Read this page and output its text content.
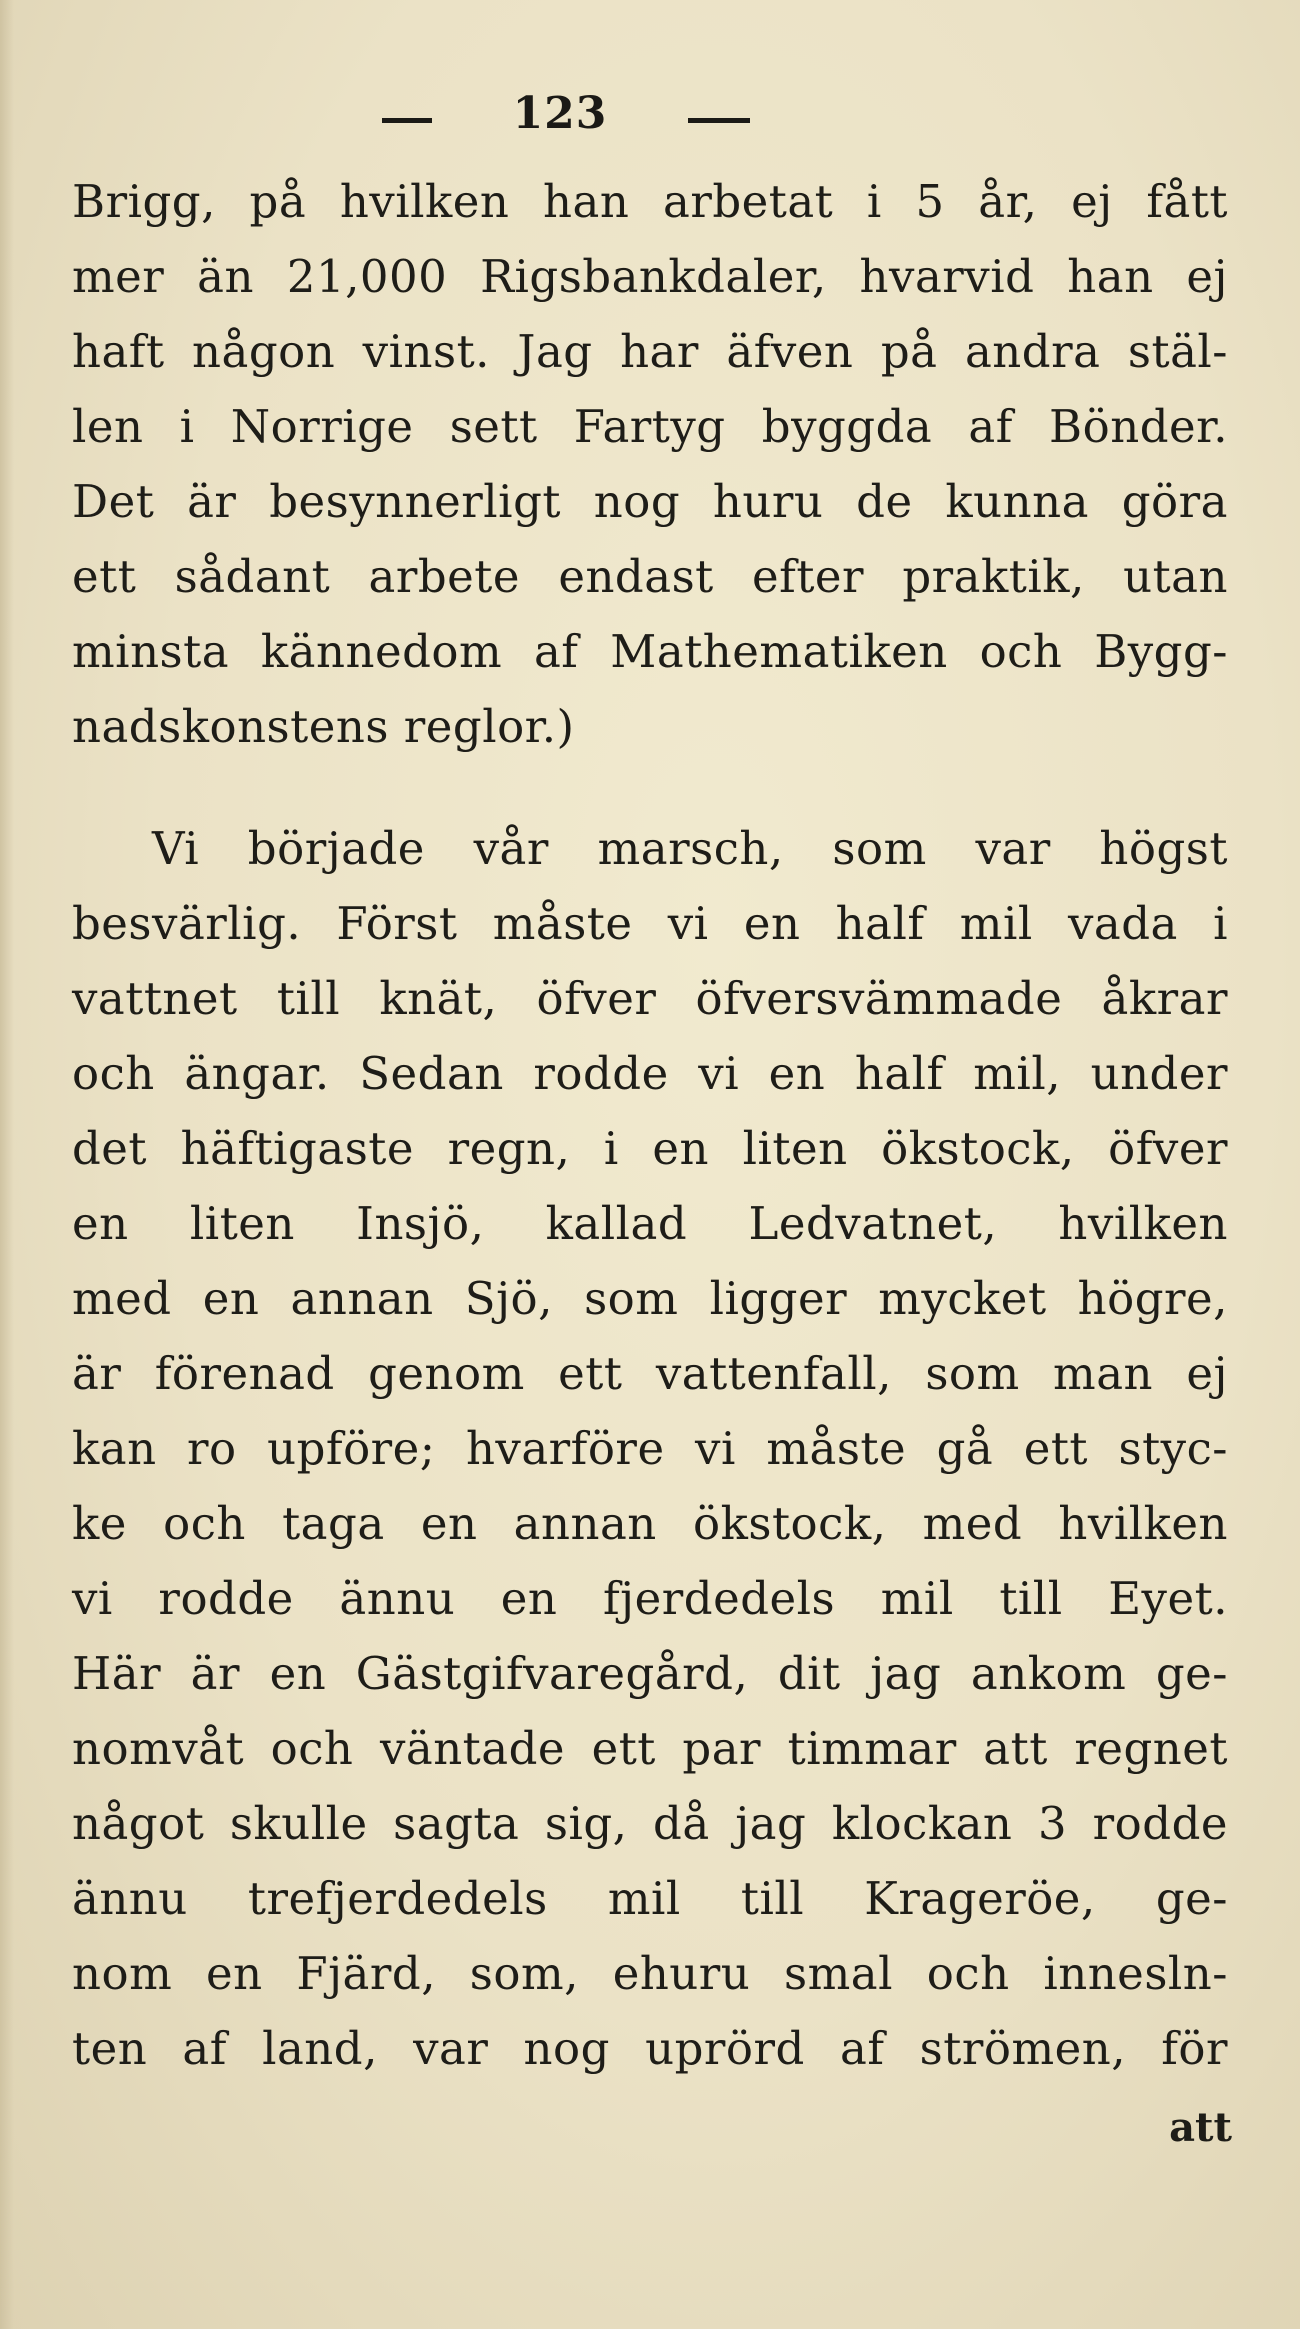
123
Brigg, på hvilken han arbetat i 5 år, ej fått
mer än 21,000 Rigsbankdaler, hvarvid han ej
haft någon vinst. Jag har äfven på andra stäl-
len i Norrige sett Fartyg byggda af Bönder.
Det är besynnerligt nog huru de kunna göra
ett sådant arbete endast efter praktik, utan
minsta kännedom af Mathematiken och Bygg-
nadskonstens reglor.)
Vi började vår marsch, som var högst
besvärlig. Först måste vi en half mil vada i
vattnet till knät, öfver öfversvämmade åkrar
och ängar. Sedan rodde vi en half mil, under
det häftigaste regn, i en liten ökstock, öfver
en liten Insjö, kallad Ledvatnet, hvilken
med en annan Sjö, som ligger mycket högre,
är förenad genom ett vattenfall, som man ej
kan ro upföre; hvarföre vi måste gå ett styc-
ke och taga en annan ökstock, med hvilken
vi rodde ännu en fjerdedels mil till Eyet.
Här är en Gästgifvaregård, dit jag ankom ge-
nomvåt och väntade ett par timmar att regnet
något skulle sagta sig, då jag klockan 3 rodde
ännu trefjerdedels mil till Krageröe, ge-
nom en Fjärd, som, ehuru smal och innesln-
ten af land, var nog uprörd af strömen, för
att
